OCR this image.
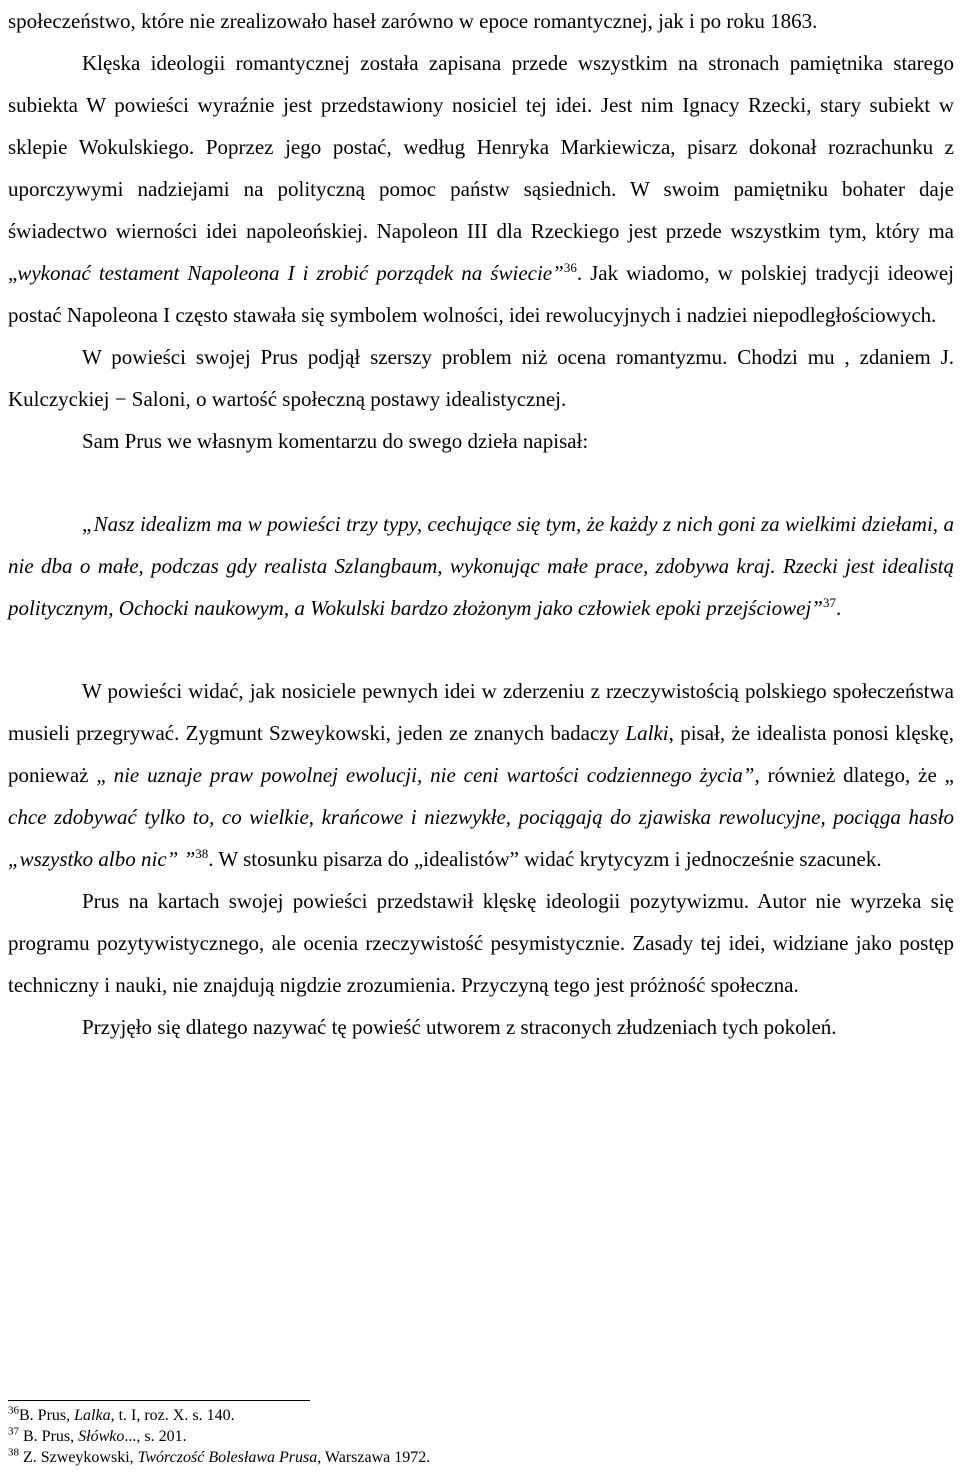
społeczeństwo, które nie zrealizowało haseł zarówno w epoce romantycznej, jak i po roku 1863.

Klęska ideologii romantycznej została zapisana przede wszystkim na stronach pamiętnika starego subiekta W powieści wyraźnie jest przedstawiony nosiciel tej idei. Jest nim Ignacy Rzecki, stary subiekt w sklepie Wokulskiego. Poprzez jego postać, według Henryka Markiewicza, pisarz dokonał rozrachunku z uporczywymi nadziejami na polityczną pomoc państw sąsiednich. W swoim pamiętniku bohater daje świadectwo wierności idei napoleońskiej. Napoleon III dla Rzeckiego jest przede wszystkim tym, który ma „wykonać testament Napoleona I i zrobić porządek na świecie”$^{36}$. Jak wiadomo, w polskiej tradycji ideowej postać Napoleona I często stawała się symbolem wolności, idei rewolucyjnych i nadziei niepodległościowych.

W powieści swojej Prus podjął szerszy problem niż ocena romantyzmu. Chodzi mu , zdaniem J. Kulczyckiej − Saloni, o wartość społeczną postawy idealistycznej.

Sam Prus we własnym komentarzu do swego dzieła napisał:

„Nasz idealizm ma w powieści trzy typy, cechujące się tym, że każdy z nich goni za wielkimi dziełami, a nie dba o małe, podczas gdy realista Szlangbaum, wykonując małe prace, zdobywa kraj. Rzecki jest idealistą politycznym, Ochocki naukowym, a Wokulski bardzo złożonym jako człowiek epoki przejściowej”$^{37}$.

W powieści widać, jak nosiciele pewnych idei w zderzeniu z rzeczywistością polskiego społeczeństwa musieli przegrywać. Zygmunt Szweykowski, jeden ze znanych badaczy Lalki, pisał, że idealista ponosi klęskę, ponieważ „ nie uznaje praw powolnej ewolucji, nie ceni wartości codziennego życia”, również dlatego, że „ chce zdobywać tylko to, co wielkie, krańcowe i niezwykłe, pociągają do zjawiska rewolucyjne, pociąga hasło „wszystko albo nic” ”$^{38}$. W stosunku pisarza do „idealistów” widać krytycyzm i jednocześnie szacunek.

Prus na kartach swojej powieści przedstawił klęskę ideologii pozytywizmu. Autor nie wyrzeka się programu pozytywistycznego, ale ocenia rzeczywistość pesymistycznie. Zasady tej idei, widziane jako postęp techniczny i nauki, nie znajdują nigdzie zrozumienia. Przyczyną tego jest próżność społeczna.

Przyjęło się dlatego nazywać tę powieść utworem z straconych złudzeniach tych pokoleń.

$^{36}$B. Prus, Lalka, t. I, roz. X. s. 140.

$^{37}$ B. Prus, Słówko..., s. 201.

$^{38}$ Z. Szweykowski, Twórczość Bolesława Prusa, Warszawa 1972.
